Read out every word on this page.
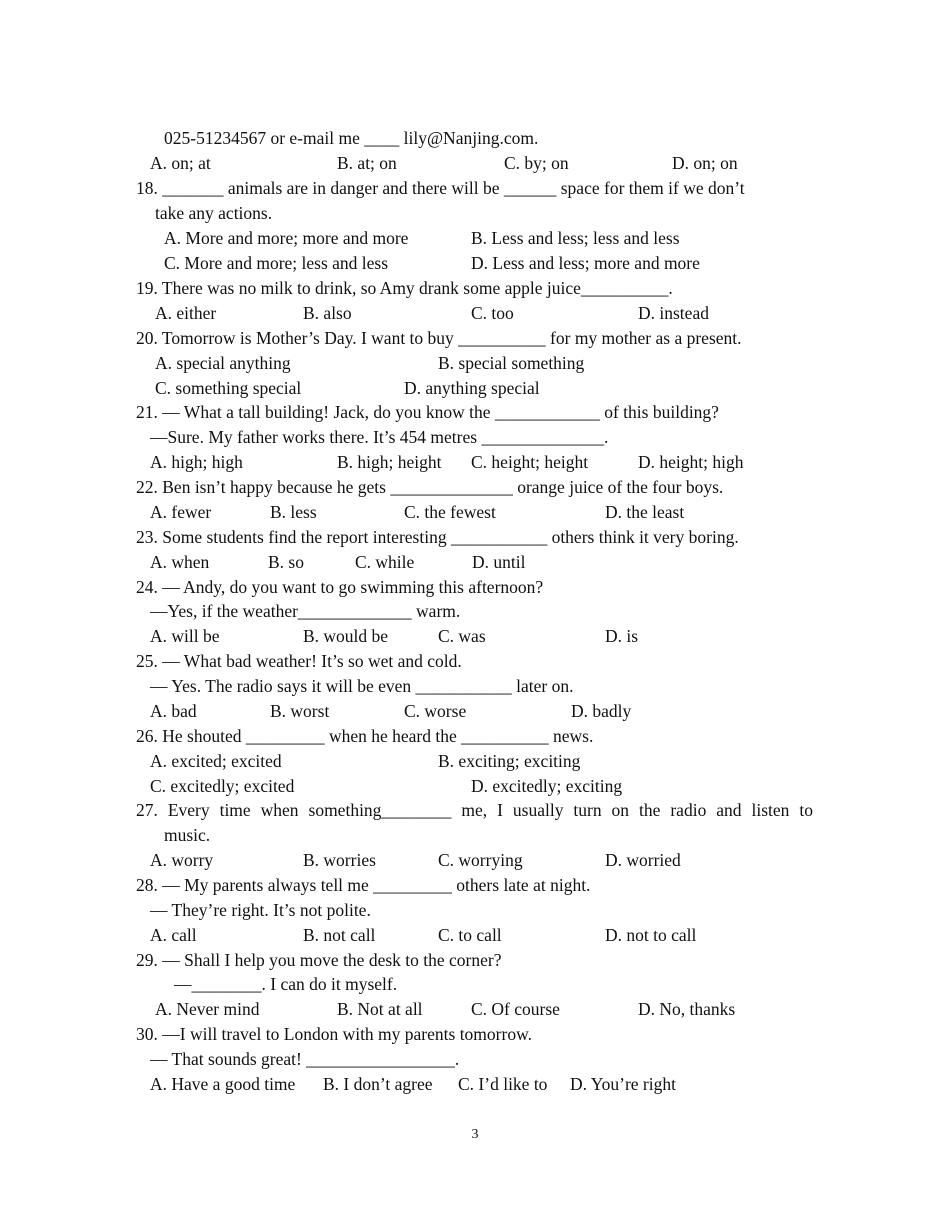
025-51234567 or e-mail me ____ lily@Nanjing.com.
A. on; at	B. at; on	C. by; on	D. on; on
18. _______ animals are in danger and there will be ______ space for them if we don’t
take any actions.
A. More and more; more and more	B. Less and less; less and less
C. More and more; less and less	D. Less and less; more and more
19. There was no milk to drink, so Amy drank some apple juice__________.
A. either	B. also	C. too	D. instead
20. Tomorrow is Mother’s Day. I want to buy __________ for my mother as a present.
A. special anything	B. special something
C. something special	D. anything special
21. — What a tall building! Jack, do you know the ____________ of this building?
—Sure. My father works there. It’s 454 metres ______________.
A. high; high	B. high; height C. height; height	D. height; high
22. Ben isn’t happy because he gets ______________ orange juice of the four boys.
A. fewer	B. less	C. the fewest	D. the least
23. Some students find the report interesting ___________ others think it very boring.
A. when	B. so	C. while	D. until
24. — Andy, do you want to go swimming this afternoon?
—Yes, if the weather_____________ warm.
A. will be	B. would be	C. was	D. is
25. — What bad weather! It’s so wet and cold.
— Yes. The radio says it will be even ___________ later on.
A. bad	B. worst	C. worse	D. badly
26. He shouted _________ when he heard the __________ news.
A. excited; excited	B. exciting; exciting
C. excitedly; excited	D. excitedly; exciting
27. Every time when something________ me, I usually turn on the radio and listen to
music.
A. worry	B. worries	C. worrying	D. worried
28. — My parents always tell me _________ others late at night.
— They’re right. It’s not polite.
A. call	B. not call	C. to call	D. not to call
29. — Shall I help you move the desk to the corner?
—________. I can do it myself.
A. Never mind	B. Not at all	C. Of course	D. No, thanks
30. —I will travel to London with my parents tomorrow.
— That sounds great! _________________.
A. Have a good time B. I don’t agree C. I’d like to D. You’re right
3
